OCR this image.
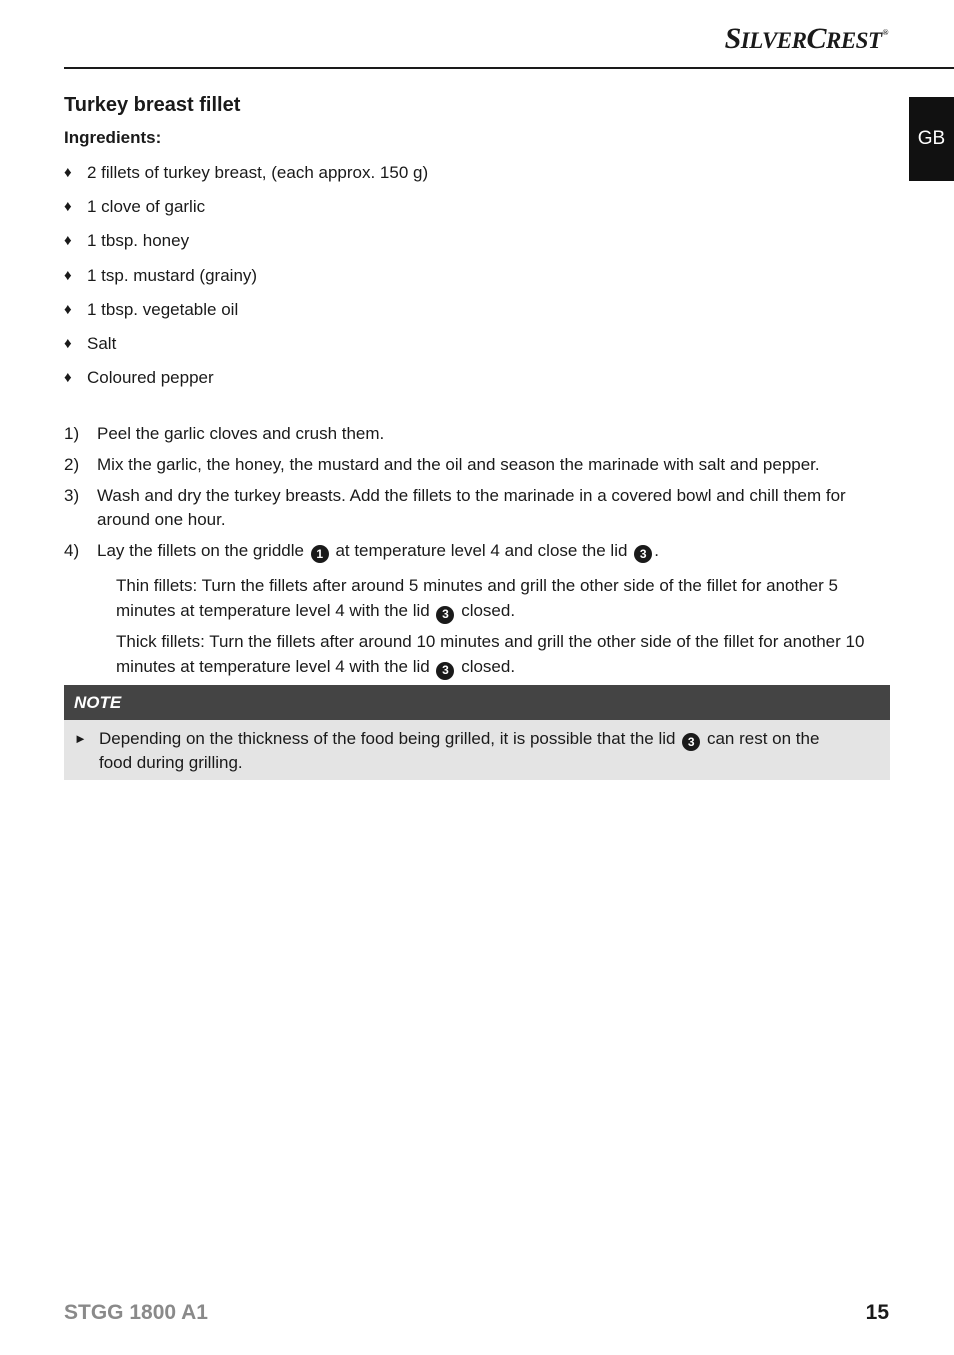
SILVERCREST®
GB
Turkey breast fillet
Ingredients:
♦ 2 fillets of turkey breast, (each approx. 150 g)
♦ 1 clove of garlic
♦ 1 tbsp. honey
♦ 1 tsp. mustard (grainy)
♦ 1 tbsp. vegetable oil
♦ Salt
♦ Coloured pepper
1)	Peel the garlic cloves and crush them.
2)	Mix the garlic, the honey, the mustard and the oil and season the marinade with salt and pepper.
3)	Wash and dry the turkey breasts. Add the fillets to the marinade in a covered bowl and chill them for around one hour.
4)	Lay the fillets on the griddle 1 at temperature level 4 and close the lid 3 .

Thin fillets: Turn the fillets after around 5 minutes and grill the other side of the fillet for another 5 minutes at temperature level 4 with the lid 3 closed.

Thick fillets: Turn the fillets after around 10 minutes and grill the other side of the fillet for another 10 minutes at temperature level 4 with the lid 3 closed.

NOTE
► Depending on the thickness of the food being grilled, it is possible that the lid 3 can rest on the food during grilling.
STGG 1800 A1	15
